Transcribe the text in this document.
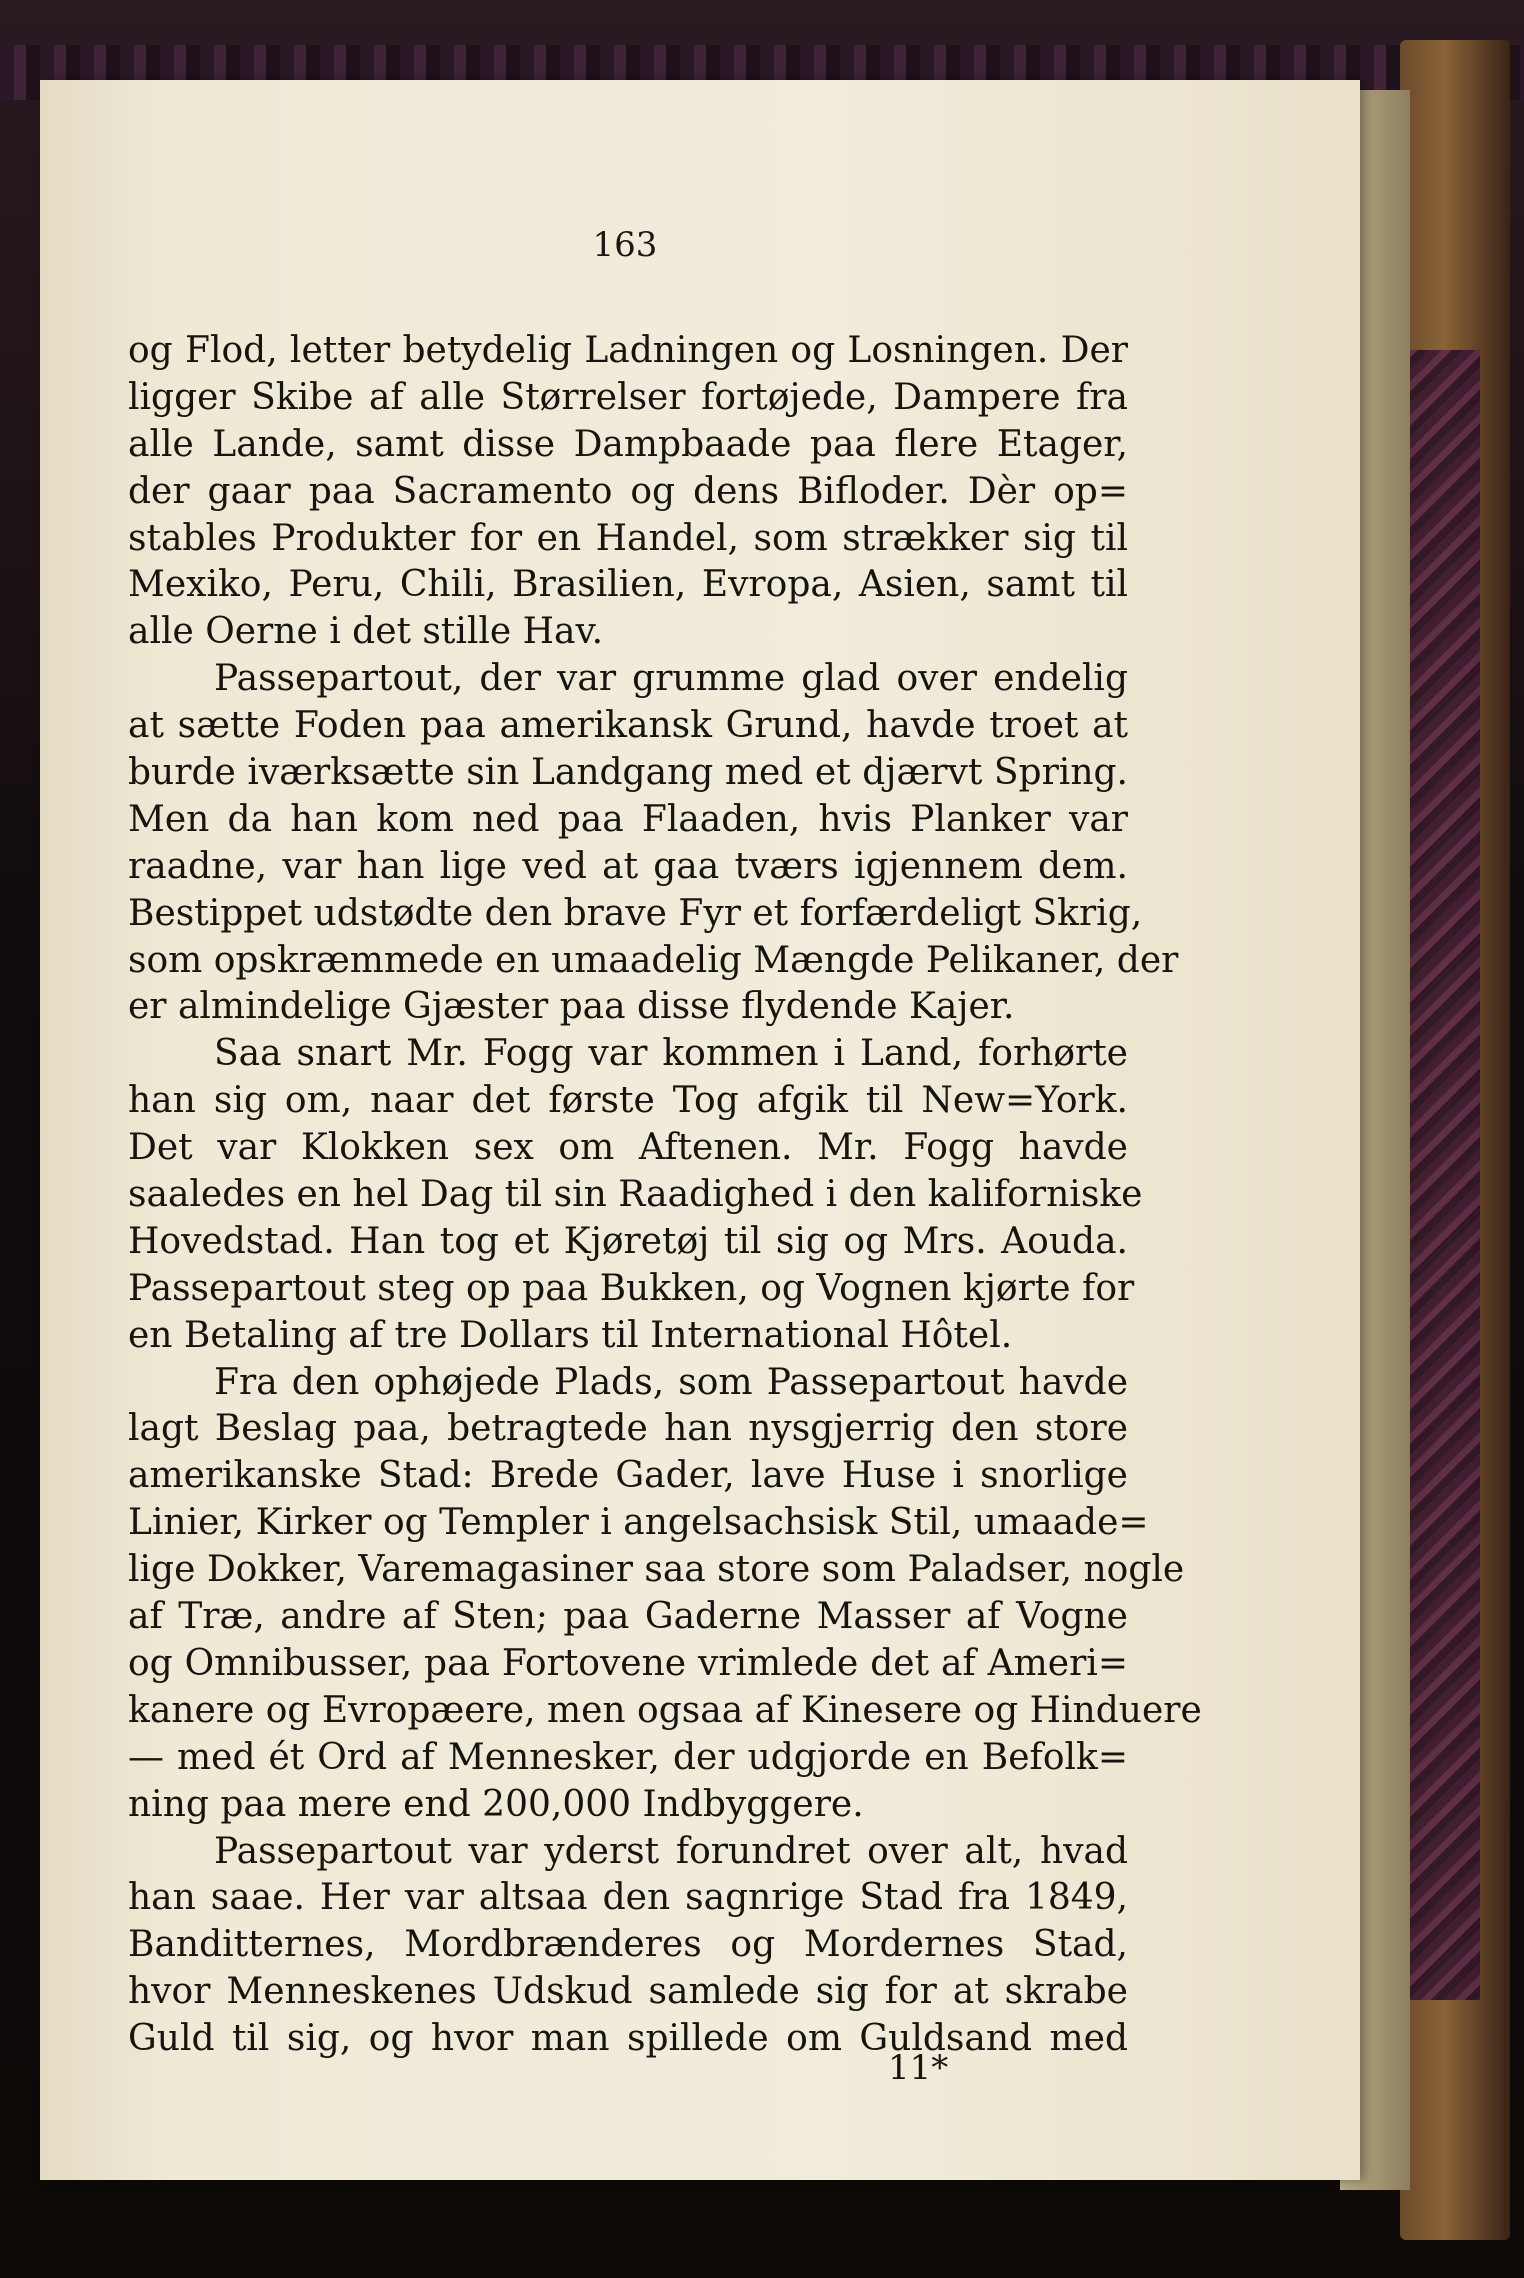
163
og Flod, letter betydelig Ladningen og Losningen. Der
ligger Skibe af alle Størrelser fortøjede, Dampere fra
alle Lande, samt disse Dampbaade paa flere Etager,
der gaar paa Sacramento og dens Bifloder. Dèr op=
stables Produkter for en Handel, som strækker sig til
Mexiko, Peru, Chili, Brasilien, Evropa, Asien, samt til
alle Oerne i det stille Hav.
Passepartout, der var grumme glad over endelig
at sætte Foden paa amerikansk Grund, havde troet at
burde iværksætte sin Landgang med et djærvt Spring.
Men da han kom ned paa Flaaden, hvis Planker var
raadne, var han lige ved at gaa tværs igjennem dem.
Bestippet udstødte den brave Fyr et forfærdeligt Skrig,
som opskræmmede en umaadelig Mængde Pelikaner, der
er almindelige Gjæster paa disse flydende Kajer.
Saa snart Mr. Fogg var kommen i Land, forhørte
han sig om, naar det første Tog afgik til New=York.
Det var Klokken sex om Aftenen. Mr. Fogg havde
saaledes en hel Dag til sin Raadighed i den kaliforniske
Hovedstad. Han tog et Kjøretøj til sig og Mrs. Aouda.
Passepartout steg op paa Bukken, og Vognen kjørte for
en Betaling af tre Dollars til International Hôtel.
Fra den ophøjede Plads, som Passepartout havde
lagt Beslag paa, betragtede han nysgjerrig den store
amerikanske Stad: Brede Gader, lave Huse i snorlige
Linier, Kirker og Templer i angelsachsisk Stil, umaade=
lige Dokker, Varemagasiner saa store som Paladser, nogle
af Træ, andre af Sten; paa Gaderne Masser af Vogne
og Omnibusser, paa Fortovene vrimlede det af Ameri=
kanere og Evropæere, men ogsaa af Kinesere og Hinduere
— med ét Ord af Mennesker, der udgjorde en Befolk=
ning paa mere end 200,000 Indbyggere.
Passepartout var yderst forundret over alt, hvad
han saae. Her var altsaa den sagnrige Stad fra 1849,
Banditternes, Mordbrænderes og Mordernes Stad,
hvor Menneskenes Udskud samlede sig for at skrabe
Guld til sig, og hvor man spillede om Guldsand med
11*
